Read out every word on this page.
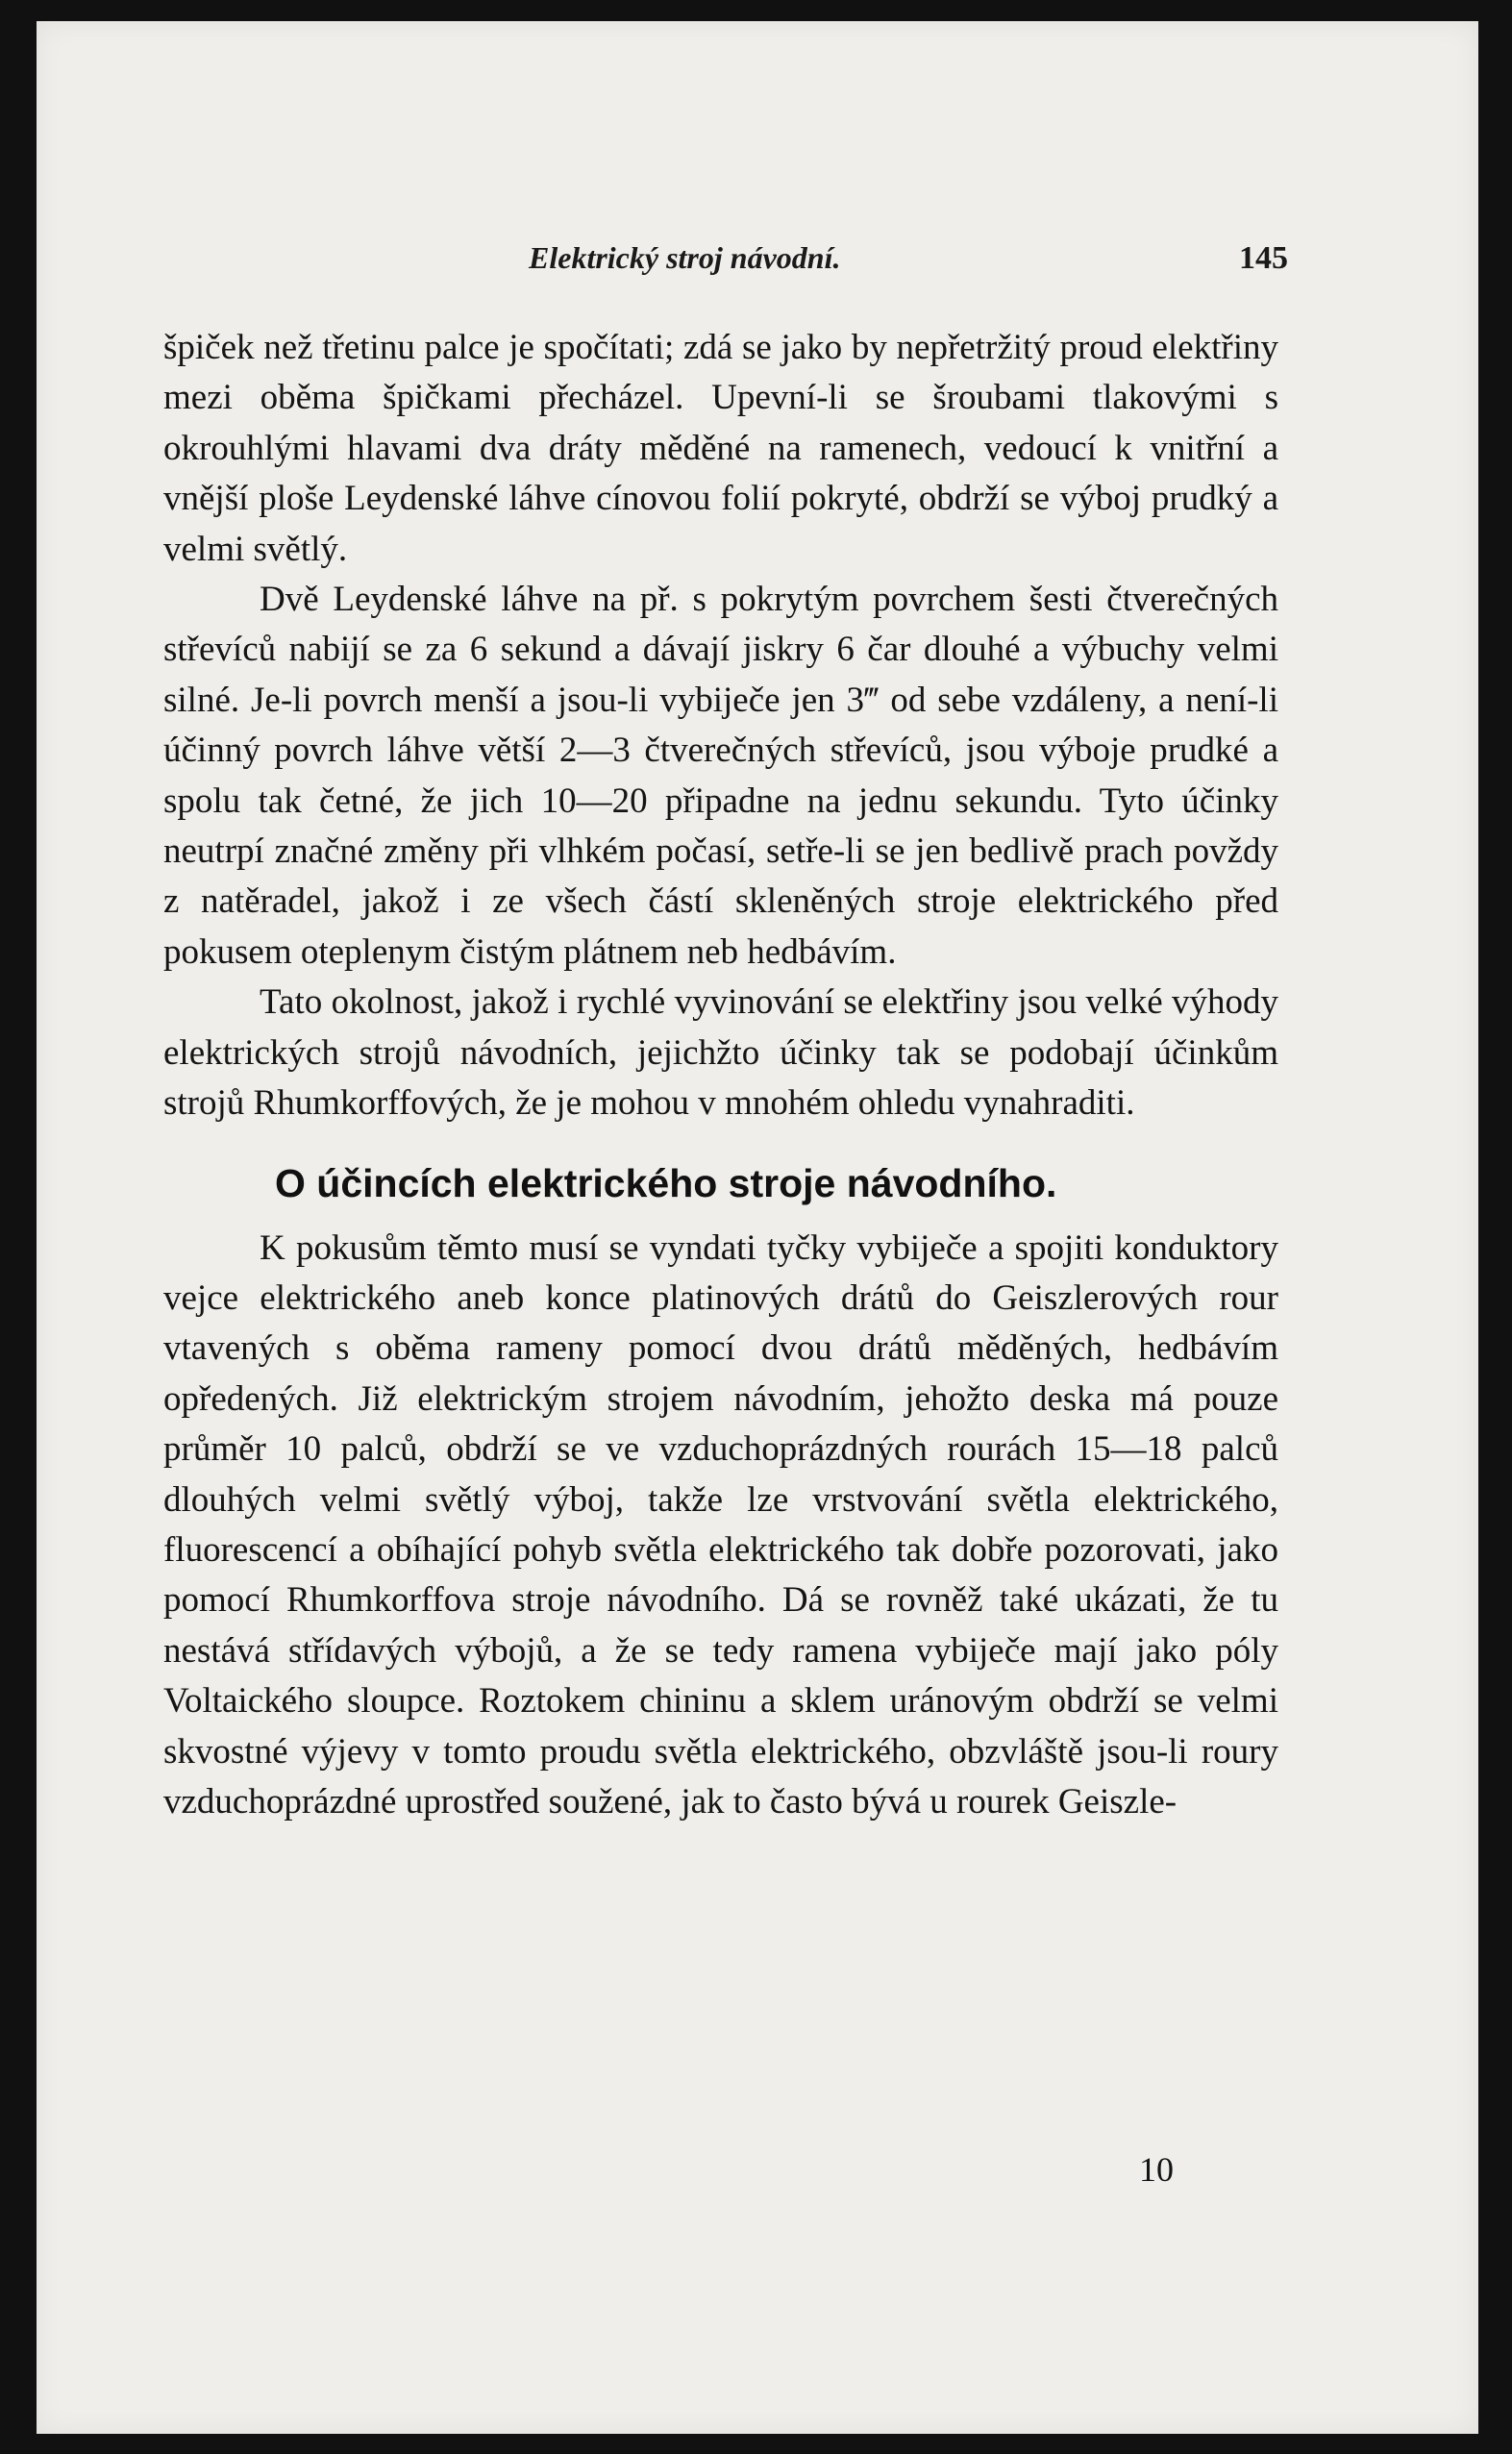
Elektrický stroj návodní.	145

špiček než třetinu palce je spočítati; zdá se jako by nepřetržitý proud elektřiny mezi oběma špičkami přecházel. Upevní-li se šroubami tlakovými s okrouhlými hlavami dva dráty měděné na ramenech, vedoucí k vnitřní a vnější ploše Leydenské láhve cínovou folií pokryté, obdrží se výboj prudký a velmi světlý.

Dvě Leydenské láhve na př. s pokrytým povrchem šesti čtverečných střevíců nabijí se za 6 sekund a dávají jiskry 6 čar dlouhé a výbuchy velmi silné. Je-li povrch menší a jsou-li vybiječe jen 3‴ od sebe vzdáleny, a není-li účinný povrch láhve větší 2—3 čtverečných střevíců, jsou výboje prudké a spolu tak četné, že jich 10—20 připadne na jednu sekundu. Tyto účinky neutrpí značné změny při vlhkém počasí, setře-li se jen bedlivě prach povždy z natěradel, jakož i ze všech částí skleněných stroje elektrického před pokusem oteplenym čistým plátnem neb hedbávím.

Tato okolnost, jakož i rychlé vyvinování se elektřiny jsou velké výhody elektrických strojů návodních, jejichžto účinky tak se podobají účinkům strojů Rhumkorffových, že je mohou v mnohém ohledu vynahraditi.

O účincích elektrického stroje návodního.

K pokusům těmto musí se vyndati tyčky vybiječe a spojiti konduktory vejce elektrického aneb konce platinových drátů do Geiszlerových rour vtavených s oběma rameny pomocí dvou drátů měděných, hedbávím opředených. Již elektrickým strojem návodním, jehožto deska má pouze průměr 10 palců, obdrží se ve vzduchoprázdných rourách 15—18 palců dlouhých velmi světlý výboj, takže lze vrstvování světla elektrického, fluorescencí a obíhající pohyb světla elektrického tak dobře pozorovati, jako pomocí Rhumkorffova stroje návodního. Dá se rovněž také ukázati, že tu nestává střídavých výbojů, a že se tedy ramena vybiječe mají jako póly Voltaického sloupce. Roztokem chininu a sklem uránovým obdrží se velmi skvostné výjevy v tomto proudu světla elektrického, obzvláště jsou-li roury vzduchoprázdné uprostřed soužené, jak to často bývá u rourek Geiszle-

10
